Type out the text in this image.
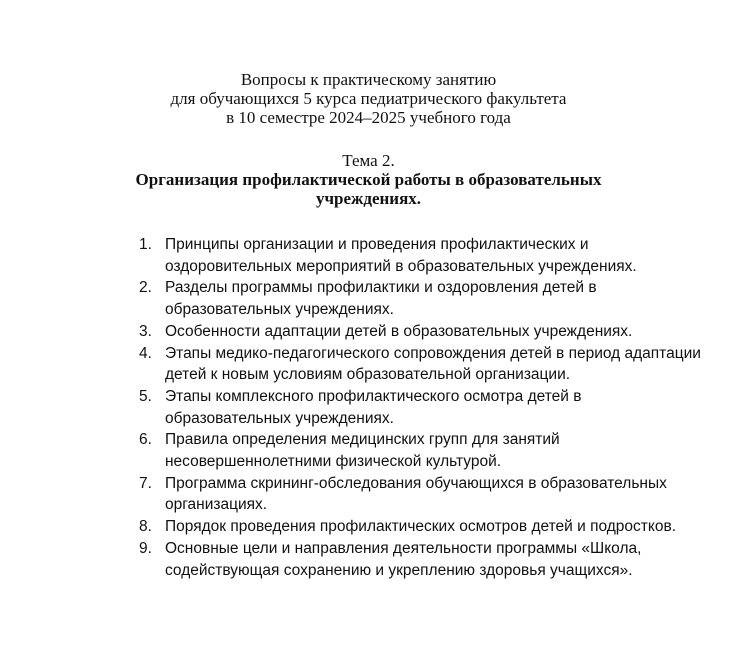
Вопросы к практическому занятию
для обучающихся 5 курса педиатрического факультета
в 10 семестре 2024–2025 учебного года
Тема 2.
Организация профилактической работы в образовательных учреждениях.
1. Принципы организации и проведения профилактических и оздоровительных мероприятий в образовательных учреждениях.
2. Разделы программы профилактики и оздоровления детей в образовательных учреждениях.
3. Особенности адаптации детей в образовательных учреждениях.
4. Этапы медико-педагогического сопровождения детей в период адаптации детей к новым условиям образовательной организации.
5. Этапы комплексного профилактического осмотра детей в образовательных учреждениях.
6. Правила определения медицинских групп для занятий несовершеннолетними физической культурой.
7. Программа скрининг-обследования обучающихся в образовательных организациях.
8. Порядок проведения профилактических осмотров детей и подростков.
9. Основные цели и направления деятельности программы «Школа, содействующая сохранению и укреплению здоровья учащихся».
